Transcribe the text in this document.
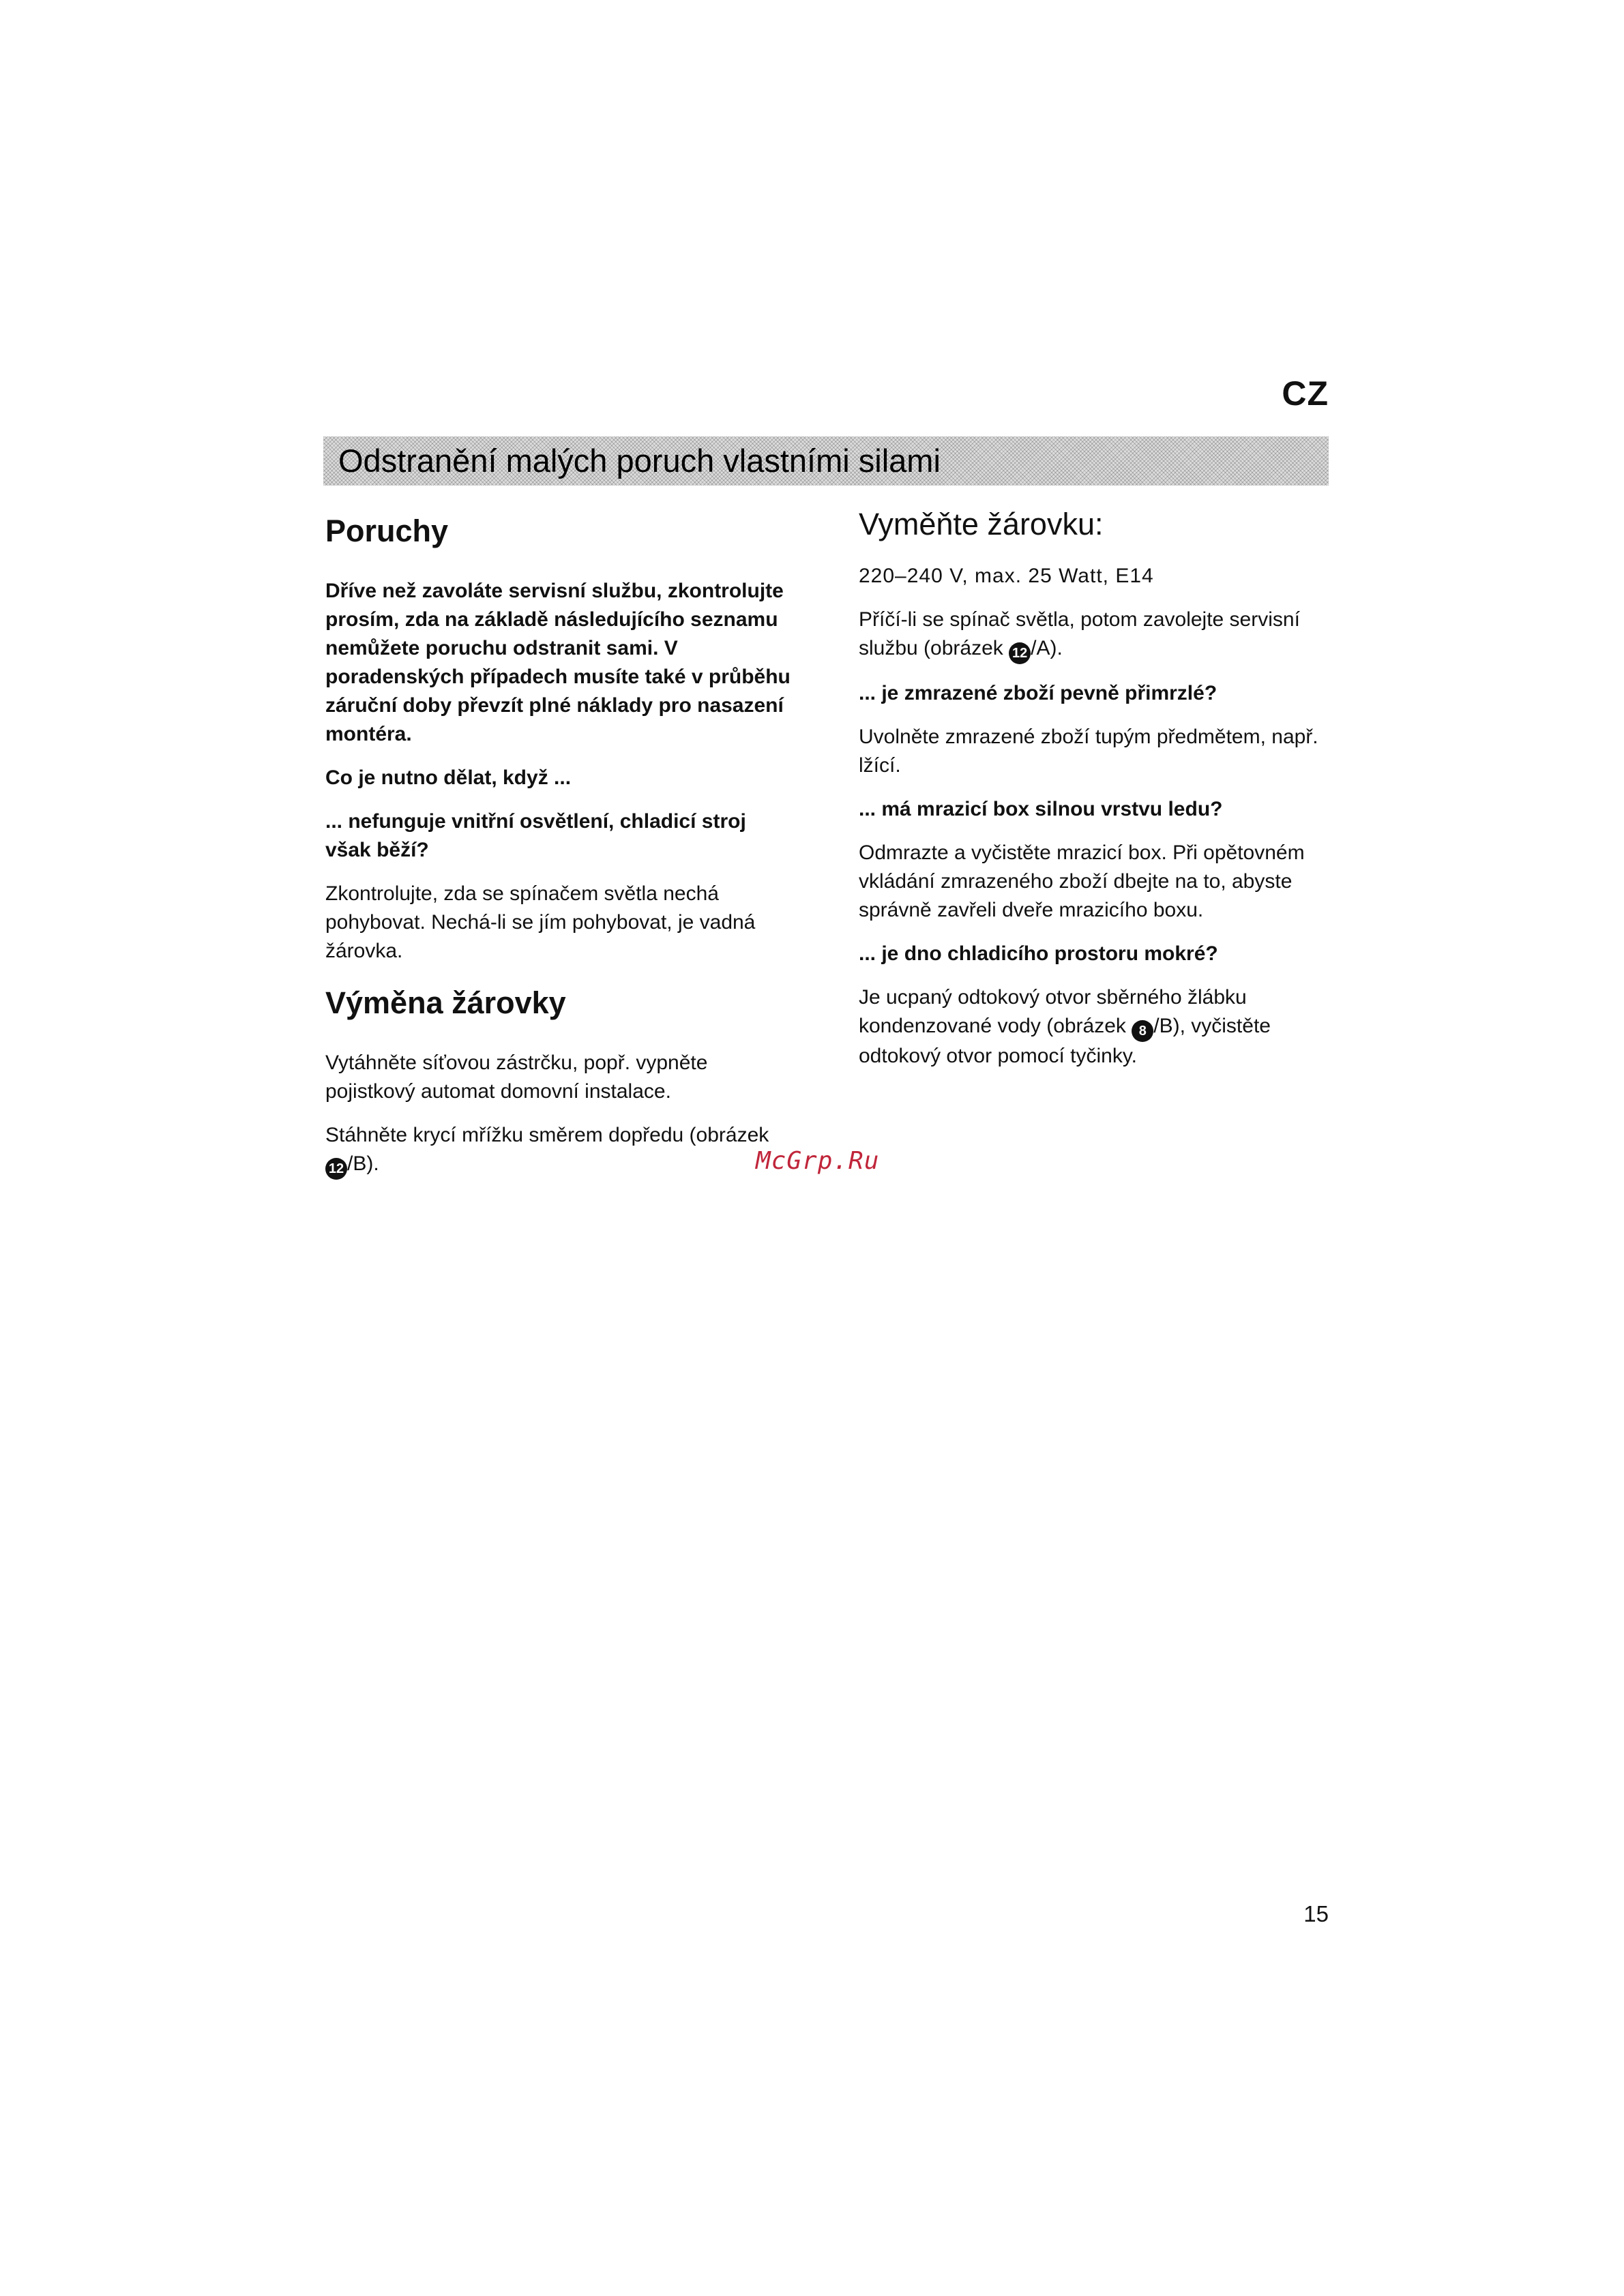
CZ
Odstranění malých poruch vlastními silami
Poruchy

Dříve než zavoláte servisní službu, zkontrolujte prosím, zda na základě následujícího seznamu nemůžete poruchu odstranit sami. V poradenských případech musíte také v průběhu záruční doby převzít plné náklady pro nasazení montéra.

Co je nutno dělat, když ...

... nefunguje vnitřní osvětlení, chladicí stroj však běží?

Zkontrolujte, zda se spínačem světla nechá pohybovat. Nechá-li se jím pohybovat, je vadná žárovka.

Výměna žárovky

Vytáhněte síťovou zástrčku, popř. vypněte pojistkový automat domovní instalace.

Stáhněte krycí mřížku směrem dopředu (obrázek 12 /B).

Vyměňte žárovku:

220–240 V, max. 25 Watt, E14

Příčí-li se spínač světla, potom zavolejte servisní službu (obrázek 12 /A).

... je zmrazené zboží pevně přimrzlé?

Uvolněte zmrazené zboží tupým předmětem, např. lžící.

... má mrazicí box silnou vrstvu ledu?

Odmrazte a vyčistěte mrazicí box. Při opětovném vkládání zmrazeného zboží dbejte na to, abyste správně zavřeli dveře mrazicího boxu.

... je dno chladicího prostoru mokré?

Je ucpaný odtokový otvor sběrného žlábku kondenzované vody (obrázek 8 /B), vyčistěte odtokový otvor pomocí tyčinky.

McGrp.Ru
15
